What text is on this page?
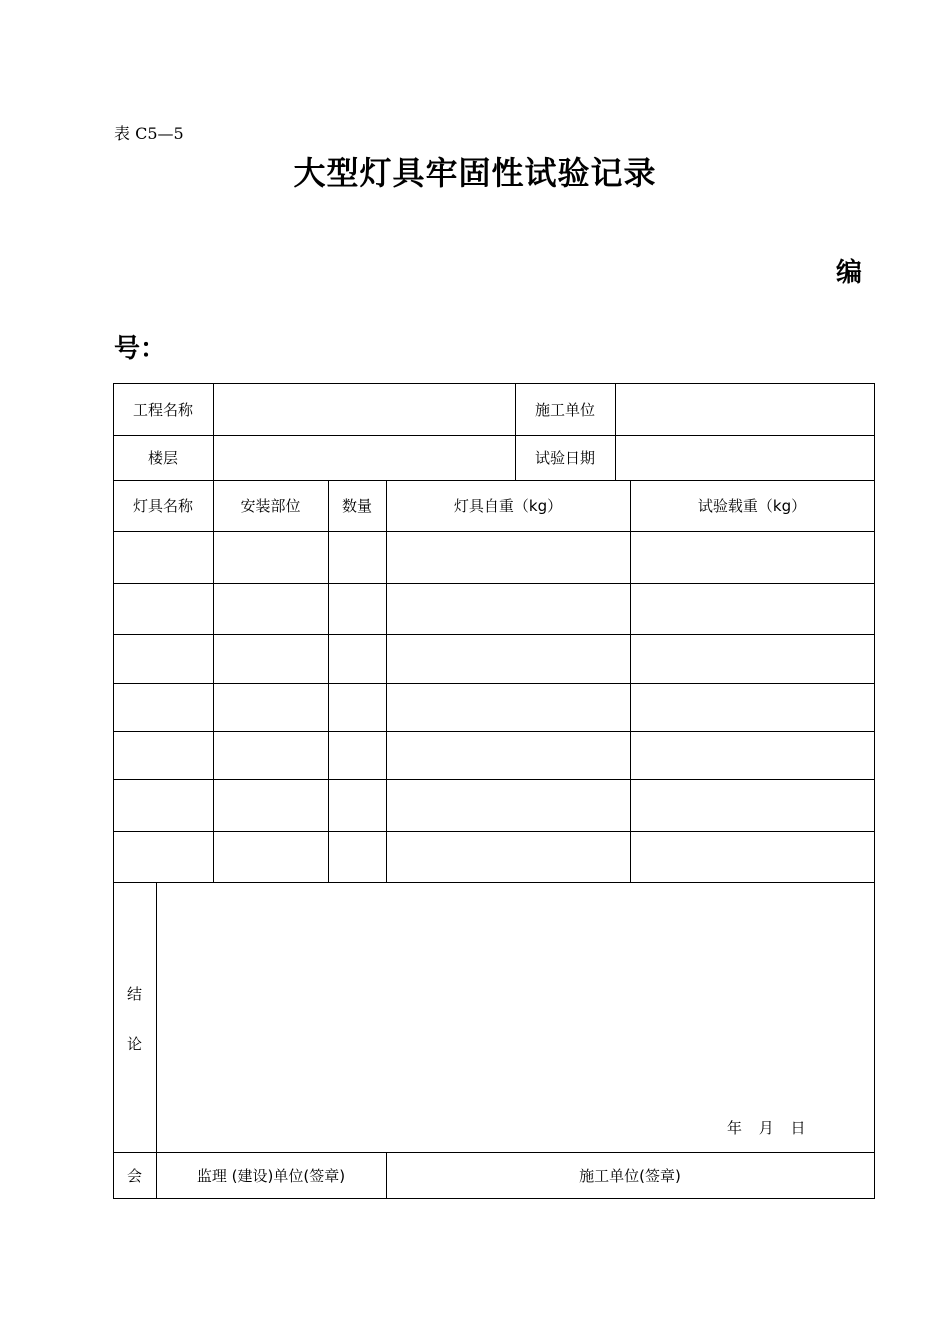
表 C5—5
大型灯具牢固性试验记录
编
号：
工程名称	施工单位
楼层	试验日期
灯具名称	安装部位	数量	灯具自重（kg）	试验载重（kg）
结
论
年 月 日
会	监理 (建设)单位(签章)	施工单位(签章)
